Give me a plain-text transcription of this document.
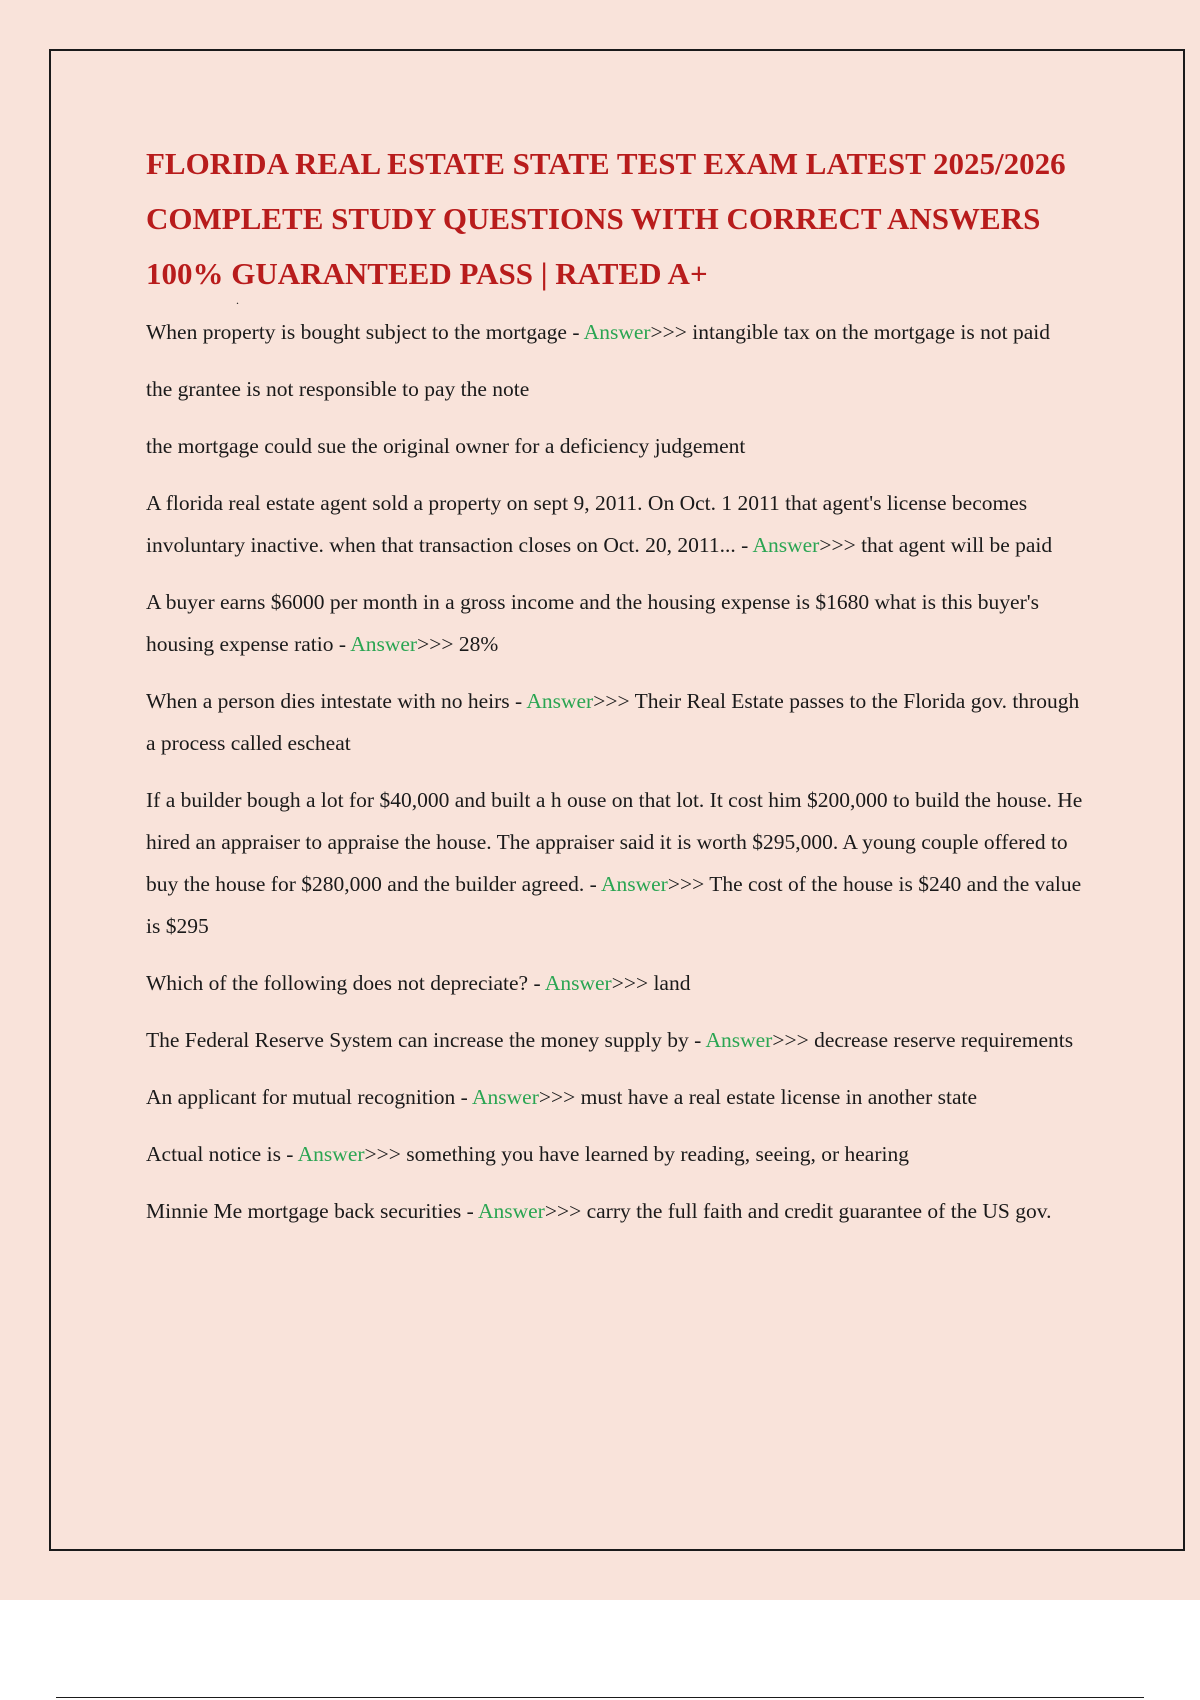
FLORIDA REAL ESTATE STATE TEST EXAM LATEST 2025/2026 COMPLETE STUDY QUESTIONS WITH CORRECT ANSWERS 100% GUARANTEED PASS | RATED A+
.

When property is bought subject to the mortgage - Answer>>> intangible tax on the mortgage is not paid

the grantee is not responsible to pay the note

the mortgage could sue the original owner for a deficiency judgement

A florida real estate agent sold a property on sept 9, 2011. On Oct. 1 2011 that agent's license becomes involuntary inactive. when that transaction closes on Oct. 20, 2011... - Answer>>> that agent will be paid

A buyer earns $6000 per month in a gross income and the housing expense is $1680 what is this buyer's housing expense ratio - Answer>>> 28%

When a person dies intestate with no heirs - Answer>>> Their Real Estate passes to the Florida gov. through a process called escheat

If a builder bough a lot for $40,000 and built a h ouse on that lot. It cost him $200,000 to build the house. He hired an appraiser to appraise the house. The appraiser said it is worth $295,000. A young couple offered to buy the house for $280,000 and the builder agreed. - Answer>>> The cost of the house is $240 and the value is $295

Which of the following does not depreciate? - Answer>>> land

The Federal Reserve System can increase the money supply by - Answer>>> decrease reserve requirements

An applicant for mutual recognition - Answer>>> must have a real estate license in another state

Actual notice is - Answer>>> something you have learned by reading, seeing, or hearing

Minnie Me mortgage back securities - Answer>>> carry the full faith and credit guarantee of the US gov.
